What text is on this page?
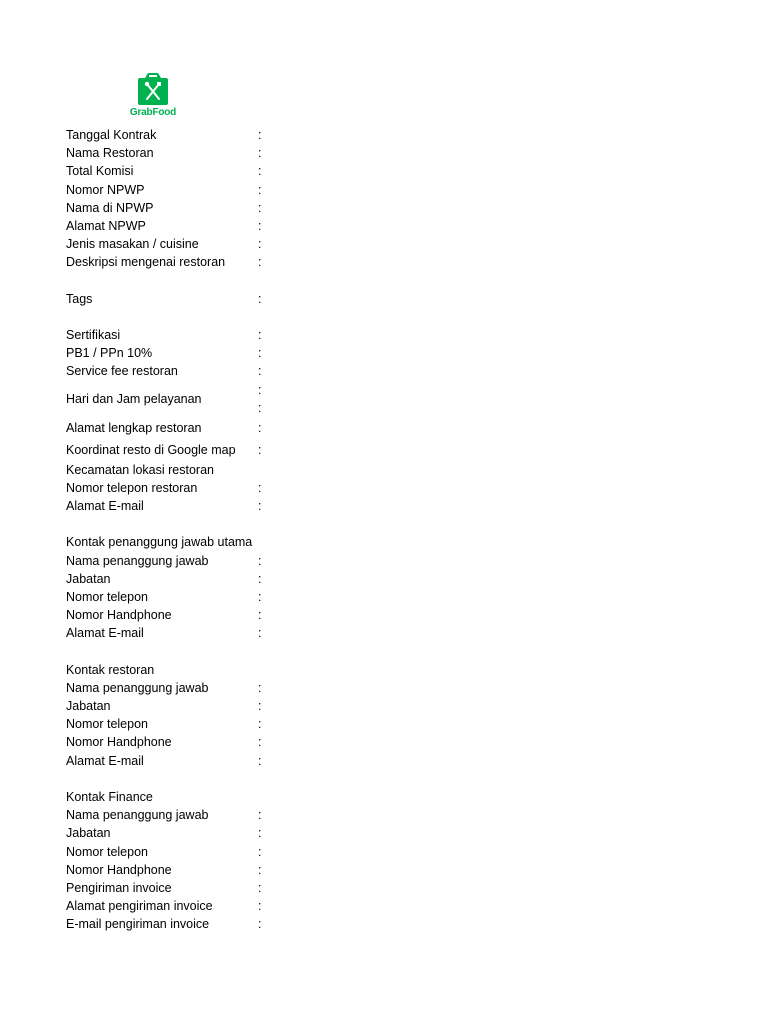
GrabFood
Tanggal Kontrak	:
Nama Restoran	:
Total Komisi	:
Nomor NPWP	:
Nama di NPWP	:
Alamat NPWP	:
Jenis masakan / cuisine	:
Deskripsi mengenai restoran	:
Tags	:
Sertifikasi	:
PB1 / PPn 10%	:
Service fee restoran	:
Hari dan Jam pelayanan
:
:
Alamat lengkap restoran	:
Koordinat resto di Google map :
Kecamatan lokasi restoran
Nomor telepon restoran	:
Alamat E-mail	:
Kontak penanggung jawab utama
Nama penanggung jawab	:
Jabatan	:
Nomor telepon	:
Nomor Handphone	:
Alamat E-mail	:
Kontak restoran
Nama penanggung jawab	:
Jabatan	:
Nomor telepon	:
Nomor Handphone	:
Alamat E-mail	:
Kontak Finance
Nama penanggung jawab	:
Jabatan	:
Nomor telepon	:
Nomor Handphone	:
Pengiriman invoice	:
Alamat pengiriman invoice	:
E-mail pengiriman invoice	:
